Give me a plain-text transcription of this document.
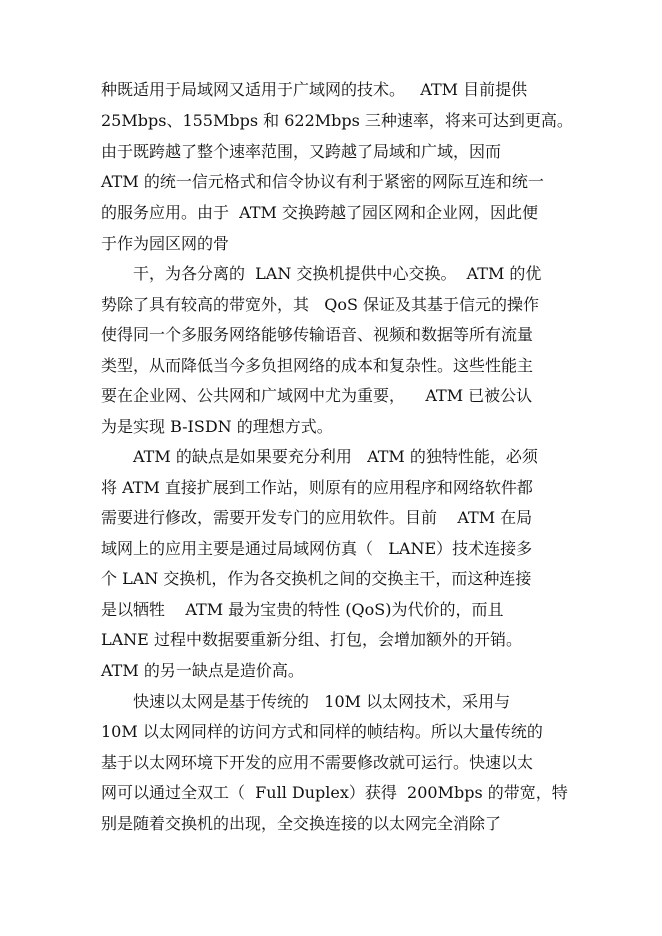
种既适用于局域网又适用于广域网的技术。   ATM 目前提供
25Mbps、155Mbps 和 622Mbps 三种速率，将来可达到更高。
由于既跨越了整个速率范围，又跨越了局域和广域，因而
ATM 的统一信元格式和信令协议有利于紧密的网际互连和统一
的服务应用。由于  ATM 交换跨越了园区网和企业网，因此便
于作为园区网的骨
干，为各分离的  LAN 交换机提供中心交换。  ATM 的优
势除了具有较高的带宽外，其   QoS 保证及其基于信元的操作
使得同一个多服务网络能够传输语音、视频和数据等所有流量
类型，从而降低当今多负担网络的成本和复杂性。这些性能主
要在企业网、公共网和广域网中尤为重要，    ATM 已被公认
为是实现 B-ISDN 的理想方式。
ATM 的缺点是如果要充分利用   ATM 的独特性能，必须
将 ATM 直接扩展到工作站，则原有的应用程序和网络软件都
需要进行修改，需要开发专门的应用软件。目前    ATM 在局
域网上的应用主要是通过局域网仿真（   LANE）技术连接多
个 LAN 交换机，作为各交换机之间的交换主干，而这种连接
是以牺牲    ATM 最为宝贵的特性 (QoS)为代价的，而且
LANE 过程中数据要重新分组、打包，会增加额外的开销。
ATM 的另一缺点是造价高。
快速以太网是基于传统的   10M 以太网技术，采用与
10M 以太网同样的访问方式和同样的帧结构。所以大量传统的
基于以太网环境下开发的应用不需要修改就可运行。快速以太
网可以通过全双工（  Full Duplex）获得  200Mbps 的带宽，特
别是随着交换机的出现，全交换连接的以太网完全消除了
